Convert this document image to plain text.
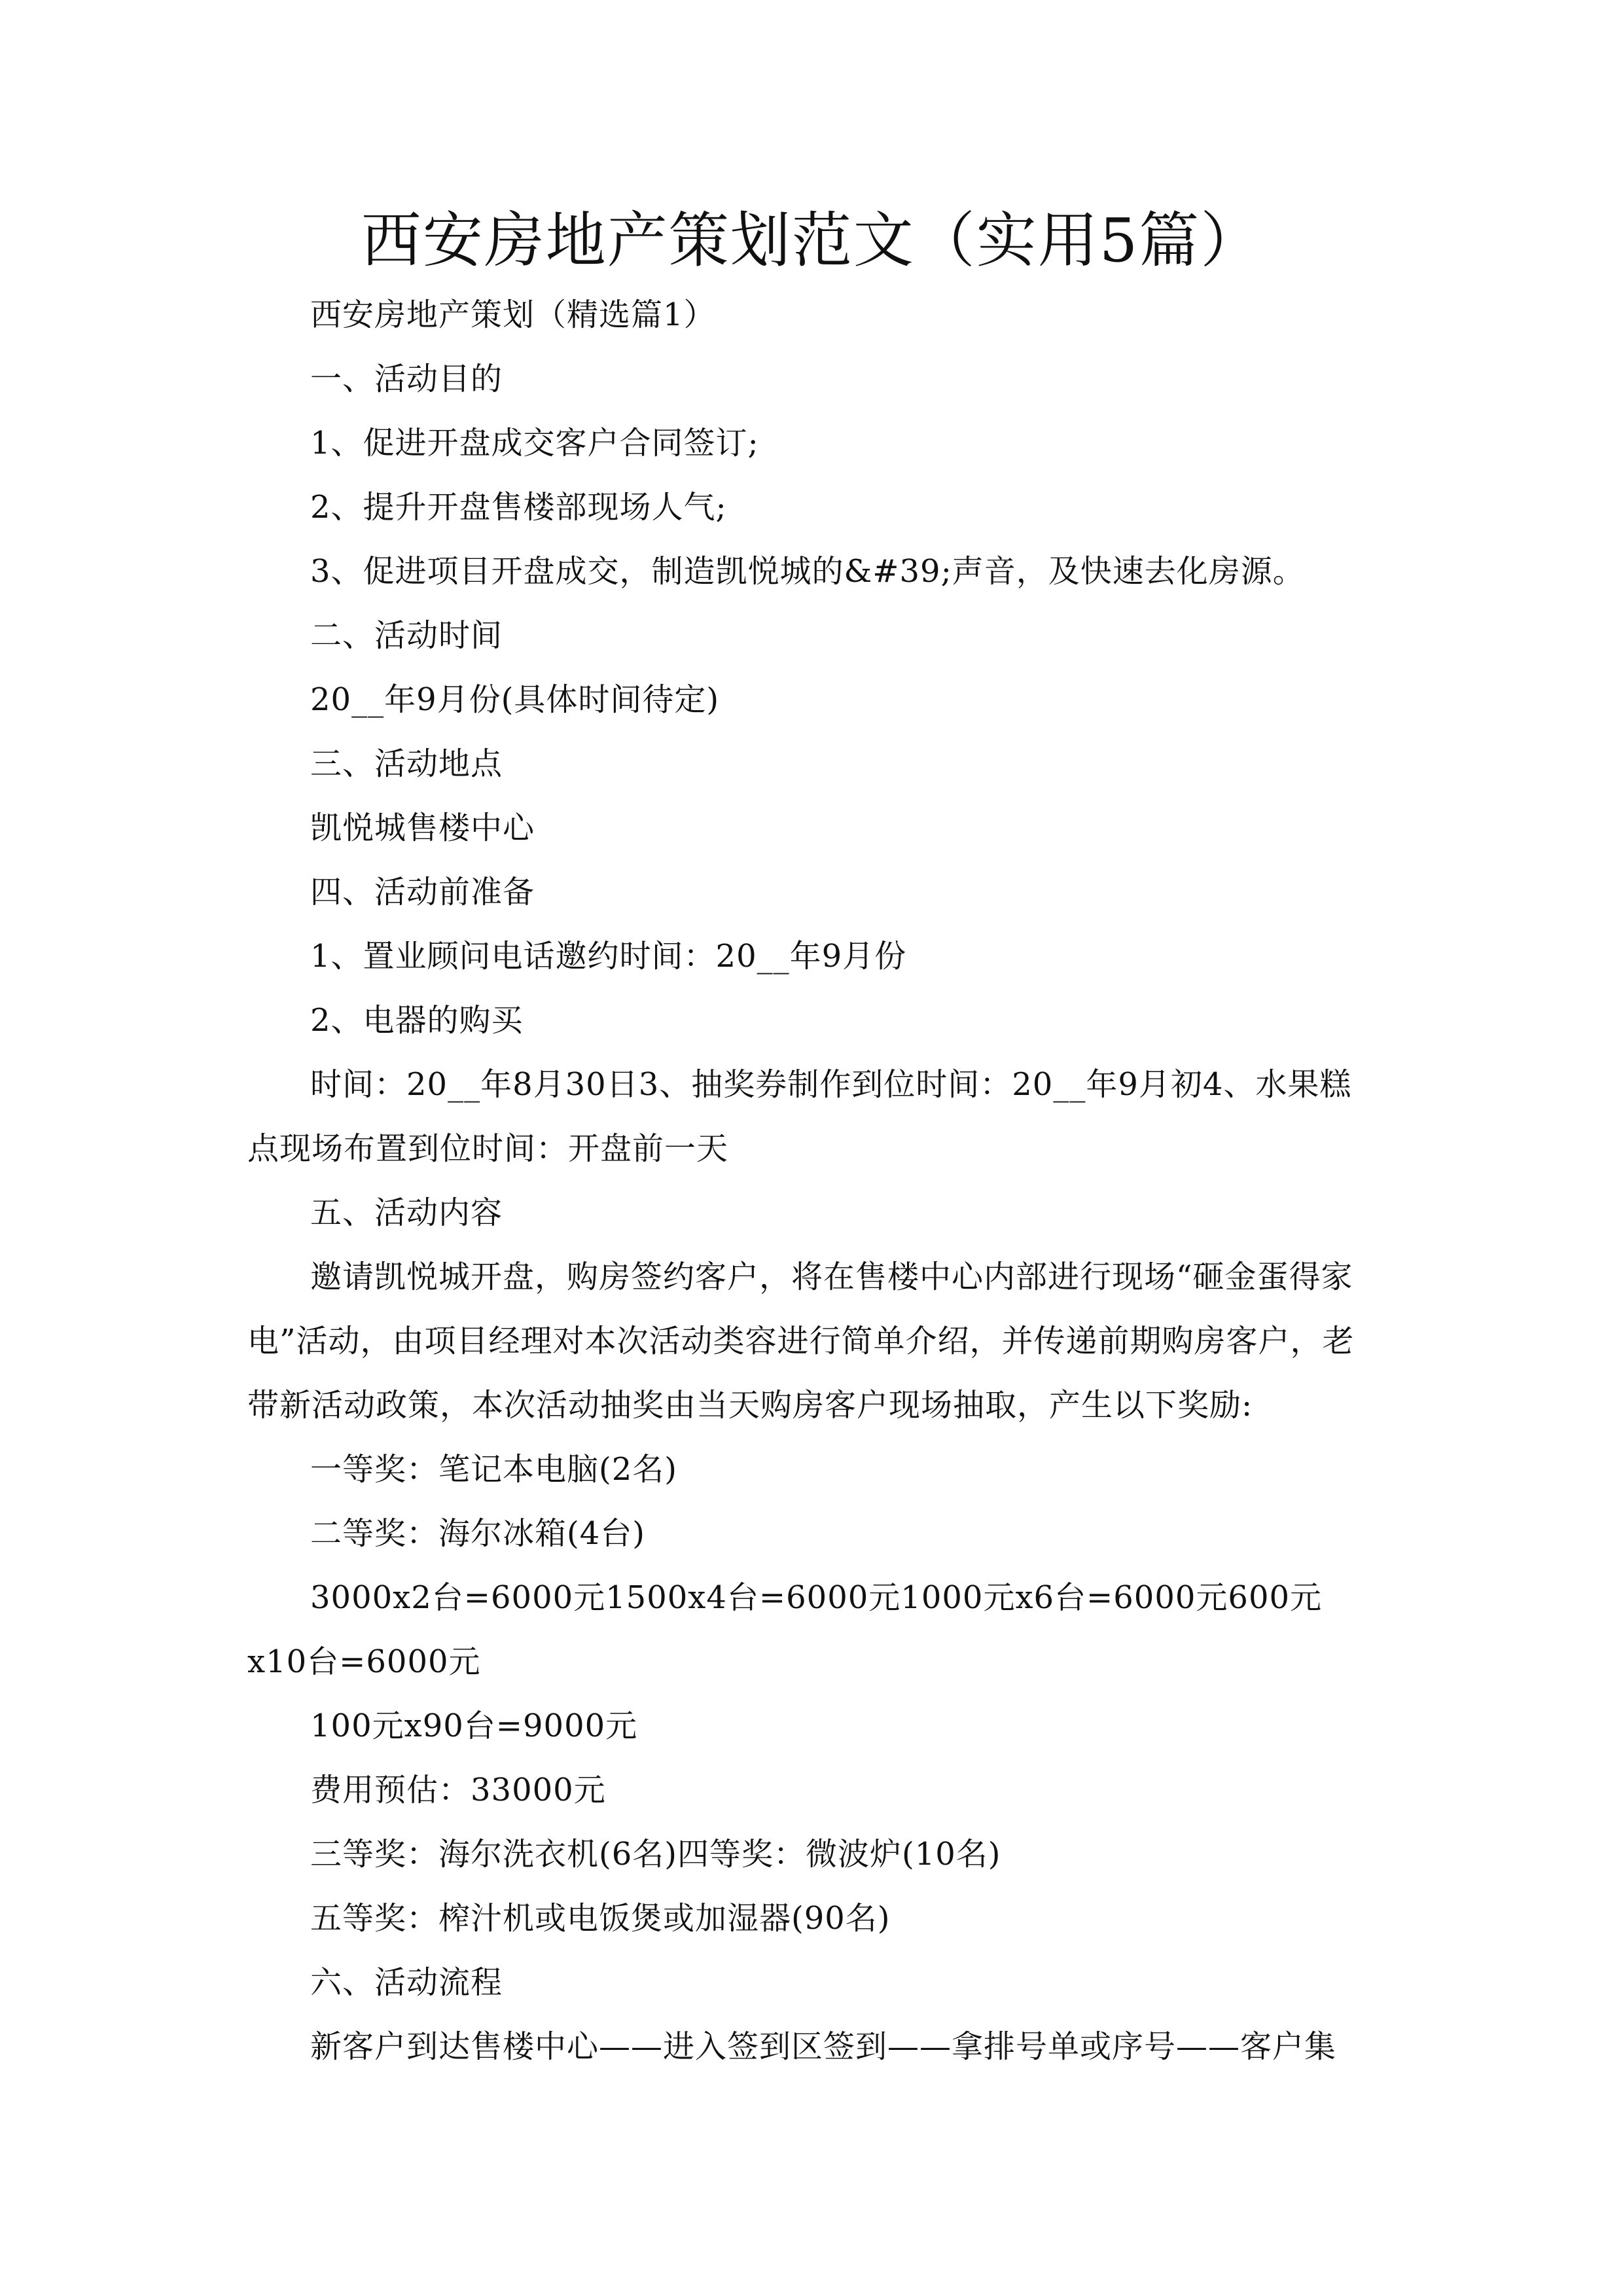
西安房地产策划范文（实用5篇）

西安房地产策划（精选篇1）

一、活动目的

1、促进开盘成交客户合同签订;

2、提升开盘售楼部现场人气;

3、促进项目开盘成交，制造凯悦城的&#39;声音，及快速去化房源。

二、活动时间

20__年9月份(具体时间待定)

三、活动地点

凯悦城售楼中心

四、活动前准备

1、置业顾问电话邀约时间：20__年9月份

2、电器的购买

时间：20__年8月30日3、抽奖券制作到位时间：20__年9月初4、水果糕点现场布置到位时间：开盘前一天

五、活动内容

邀请凯悦城开盘，购房签约客户，将在售楼中心内部进行现场“砸金蛋得家电”活动，由项目经理对本次活动类容进行简单介绍，并传递前期购房客户，老带新活动政策，本次活动抽奖由当天购房客户现场抽取，产生以下奖励:

一等奖：笔记本电脑(2名)

二等奖：海尔冰箱(4台)

3000x2台=6000元1500x4台=6000元1000元x6台=6000元600元x10台=6000元

100元x90台=9000元

费用预估：33000元

三等奖：海尔洗衣机(6名)四等奖：微波炉(10名)

五等奖：榨汁机或电饭煲或加湿器(90名)

六、活动流程

新客户到达售楼中心——进入签到区签到——拿排号单或序号——客户集
